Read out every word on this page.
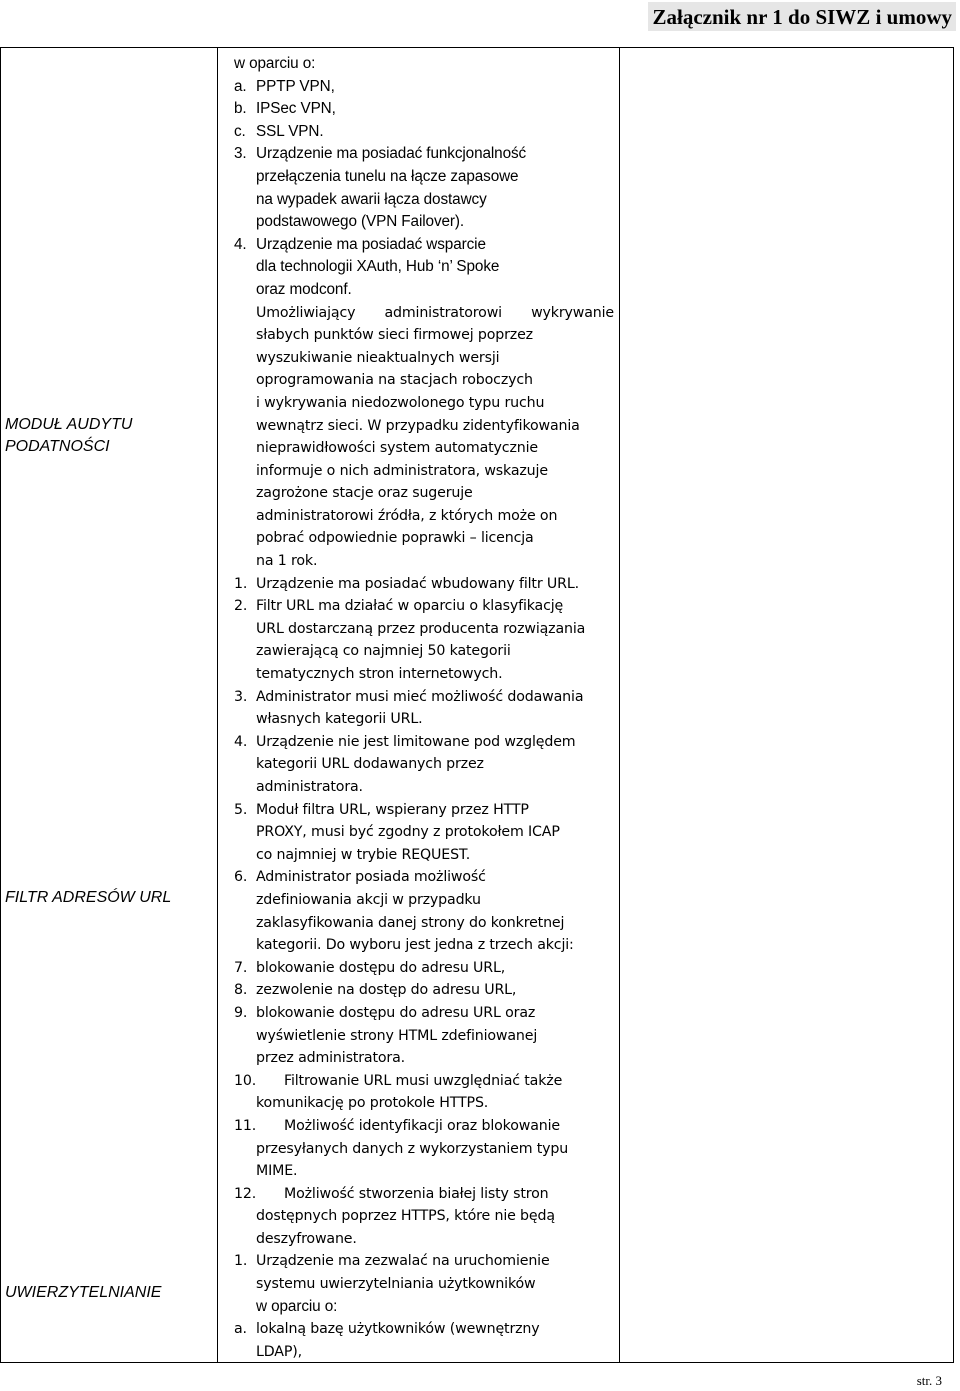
Załącznik nr 1 do SIWZ i umowy
MODUŁ AUDYTU
PODATNOŚCI
FILTR ADRESÓW URL
UWIERZYTELNIANIE
w oparciu o:
a. PPTP VPN,
b. IPSec VPN,
c. SSL VPN.
3. Urządzenie ma posiadać funkcjonalność
przełączenia tunelu na łącze zapasowe
na wypadek awarii łącza dostawcy
podstawowego (VPN Failover).
4. Urządzenie ma posiadać wsparcie
dla technologii XAuth, Hub ‘n’ Spoke
oraz modconf.
Umożliwiający administratorowi wykrywanie
słabych punktów sieci firmowej poprzez
wyszukiwanie nieaktualnych wersji
oprogramowania na stacjach roboczych
i wykrywania niedozwolonego typu ruchu
wewnątrz sieci. W przypadku zidentyfikowania
nieprawidłowości system automatycznie
informuje o nich administratora, wskazuje
zagrożone stacje oraz sugeruje
administratorowi źródła, z których może on
pobrać odpowiednie poprawki – licencja
na 1 rok.
1. Urządzenie ma posiadać wbudowany filtr URL.
2. Filtr URL ma działać w oparciu o klasyfikację
URL dostarczaną przez producenta rozwiązania
zawierającą co najmniej 50 kategorii
tematycznych stron internetowych.
3. Administrator musi mieć możliwość dodawania
własnych kategorii URL.
4. Urządzenie nie jest limitowane pod względem
kategorii URL dodawanych przez
administratora.
5. Moduł filtra URL, wspierany przez HTTP
PROXY, musi być zgodny z protokołem ICAP
co najmniej w trybie REQUEST.
6. Administrator posiada możliwość
zdefiniowania akcji w przypadku
zaklasyfikowania danej strony do konkretnej
kategorii. Do wyboru jest jedna z trzech akcji:
7. blokowanie dostępu do adresu URL,
8. zezwolenie na dostęp do adresu URL,
9. blokowanie dostępu do adresu URL oraz
wyświetlenie strony HTML zdefiniowanej
przez administratora.
10. Filtrowanie URL musi uwzględniać także
komunikację po protokole HTTPS.
11. Możliwość identyfikacji oraz blokowanie
przesyłanych danych z wykorzystaniem typu
MIME.
12. Możliwość stworzenia białej listy stron
dostępnych poprzez HTTPS, które nie będą
deszyfrowane.
1. Urządzenie ma zezwalać na uruchomienie
systemu uwierzytelniania użytkowników
w oparciu o:
a. lokalną bazę użytkowników (wewnętrzny
LDAP),
str. 3
